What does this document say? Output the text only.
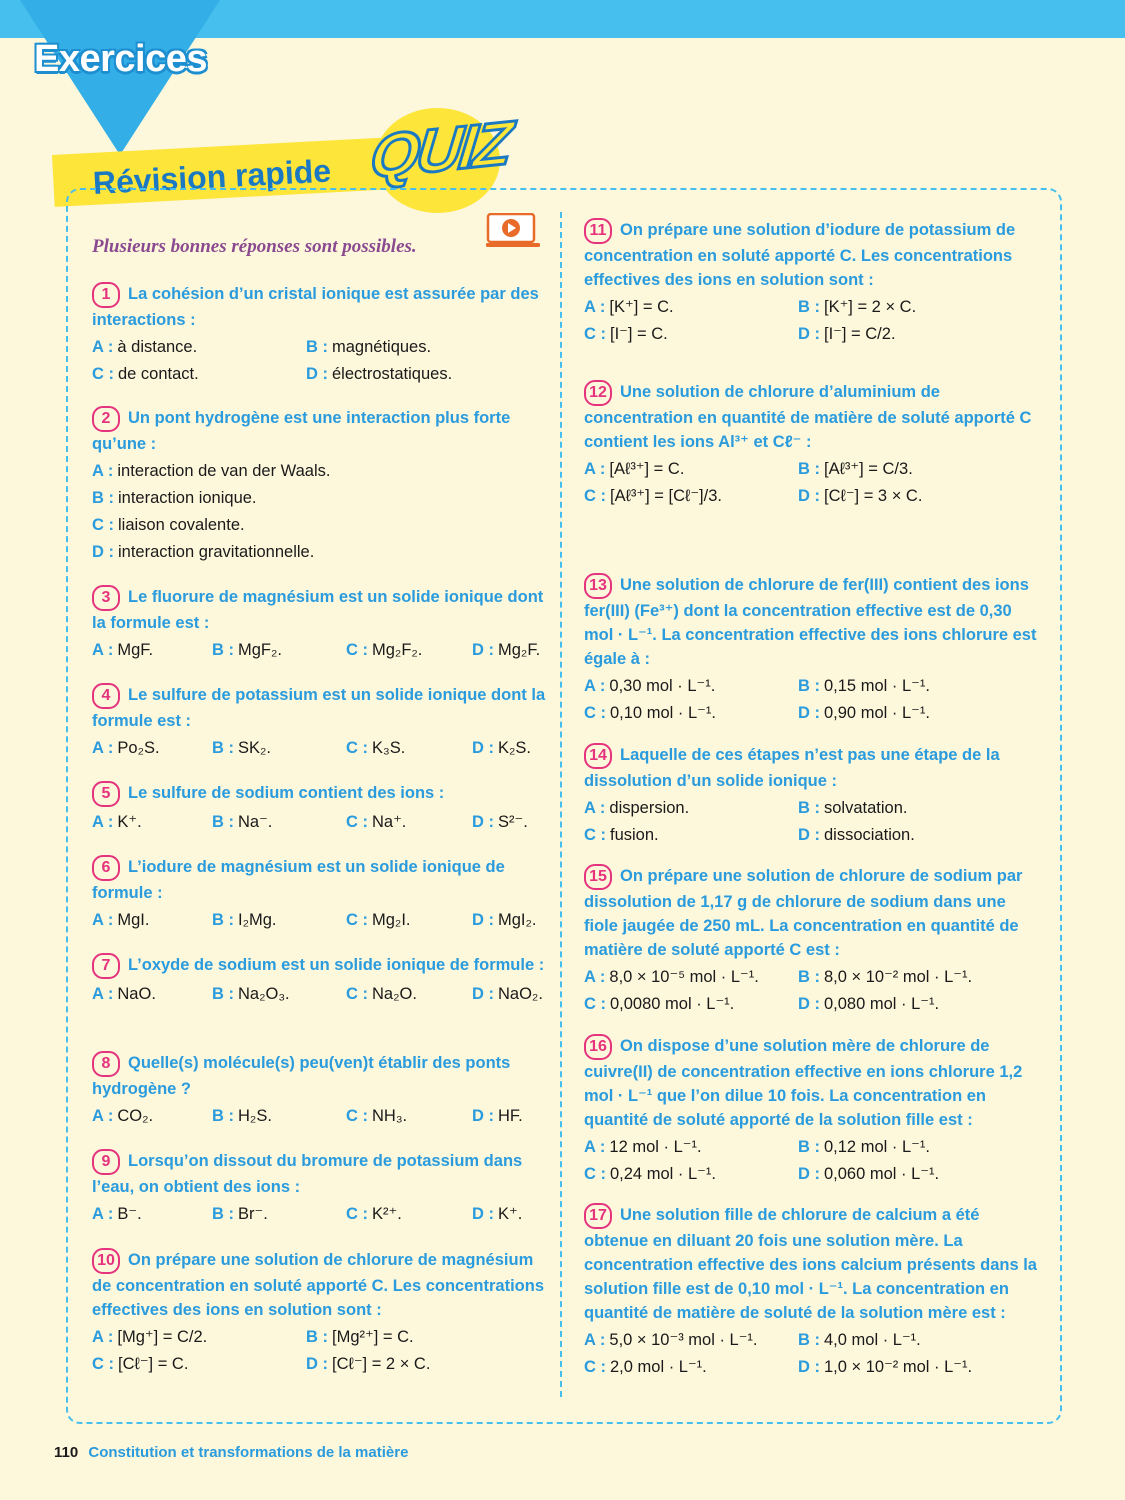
Exercices
Révision rapide QUIZ
Plusieurs bonnes réponses sont possibles.
1 La cohésion d’un cristal ionique est assurée par des interactions :
A : à distance.	B : magnétiques.
C : de contact.	D : électrostatiques.
2 Un pont hydrogène est une interaction plus forte qu’une :
A : interaction de van der Waals.
B : interaction ionique.
C : liaison covalente.
D : interaction gravitationnelle.
3 Le fluorure de magnésium est un solide ionique dont la formule est :
A : MgF.	B : MgF₂.	C : Mg₂F₂.	D : Mg₂F.
4 Le sulfure de potassium est un solide ionique dont la formule est :
A : Po₂S.	B : SK₂.	C : K₃S.	D : K₂S.
5 Le sulfure de sodium contient des ions :
A : K⁺.	B : Na⁻.	C : Na⁺.	D : S²⁻.
6 L’iodure de magnésium est un solide ionique de formule :
A : MgI.	B : I₂Mg.	C : Mg₂I.	D : MgI₂.
7 L’oxyde de sodium est un solide ionique de formule :
A : NaO.	B : Na₂O₃.	C : Na₂O.	D : NaO₂.
8 Quelle(s) molécule(s) peu(ven)t établir des ponts hydrogène ?
A : CO₂.	B : H₂S.	C : NH₃.	D : HF.
9 Lorsqu’on dissout du bromure de potassium dans l’eau, on obtient des ions :
A : B⁻.	B : Br⁻.	C : K²⁺.	D : K⁺.
10 On prépare une solution de chlorure de magnésium de concentration en soluté apporté C. Les concentrations effectives des ions en solution sont :
A : [Mg⁺] = C/2.	B : [Mg²⁺] = C.
C : [Cℓ⁻] = C.	D : [Cℓ⁻] = 2 × C.
11 On prépare une solution d’iodure de potassium de concentration en soluté apporté C. Les concentrations effectives des ions en solution sont :
A : [K⁺] = C.	B : [K⁺] = 2 × C.
C : [I⁻] = C.	D : [I⁻] = C/2.
12 Une solution de chlorure d’aluminium de concentration en quantité de matière de soluté apporté C contient les ions Al³⁺ et Cℓ⁻ :
A : [Aℓ³⁺] = C.	B : [Aℓ³⁺] = C/3.
C : [Aℓ³⁺] = [Cℓ⁻]/3.	D : [Cℓ⁻] = 3 × C.
13 Une solution de chlorure de fer(III) contient des ions fer(III) (Fe³⁺) dont la concentration effective est de 0,30 mol · L⁻¹. La concentration effective des ions chlorure est égale à :
A : 0,30 mol · L⁻¹.	B : 0,15 mol · L⁻¹.
C : 0,10 mol · L⁻¹.	D : 0,90 mol · L⁻¹.
14 Laquelle de ces étapes n’est pas une étape de la dissolution d’un solide ionique :
A : dispersion.	B : solvatation.
C : fusion.	D : dissociation.
15 On prépare une solution de chlorure de sodium par dissolution de 1,17 g de chlorure de sodium dans une fiole jaugée de 250 mL. La concentration en quantité de matière de soluté apporté C est :
A : 8,0 × 10⁻⁵ mol · L⁻¹.	B : 8,0 × 10⁻² mol · L⁻¹.
C : 0,0080 mol · L⁻¹.	D : 0,080 mol · L⁻¹.
16 On dispose d’une solution mère de chlorure de cuivre(II) de concentration effective en ions chlorure 1,2 mol · L⁻¹ que l’on dilue 10 fois. La concentration en quantité de soluté apporté de la solution fille est :
A : 12 mol · L⁻¹.	B : 0,12 mol · L⁻¹.
C : 0,24 mol · L⁻¹.	D : 0,060 mol · L⁻¹.
17 Une solution fille de chlorure de calcium a été obtenue en diluant 20 fois une solution mère. La concentration effective des ions calcium présents dans la solution fille est de 0,10 mol · L⁻¹. La concentration en quantité de matière de soluté de la solution mère est :
A : 5,0 × 10⁻³ mol · L⁻¹.	B : 4,0 mol · L⁻¹.
C : 2,0 mol · L⁻¹.	D : 1,0 × 10⁻² mol · L⁻¹.
110 Constitution et transformations de la matière
